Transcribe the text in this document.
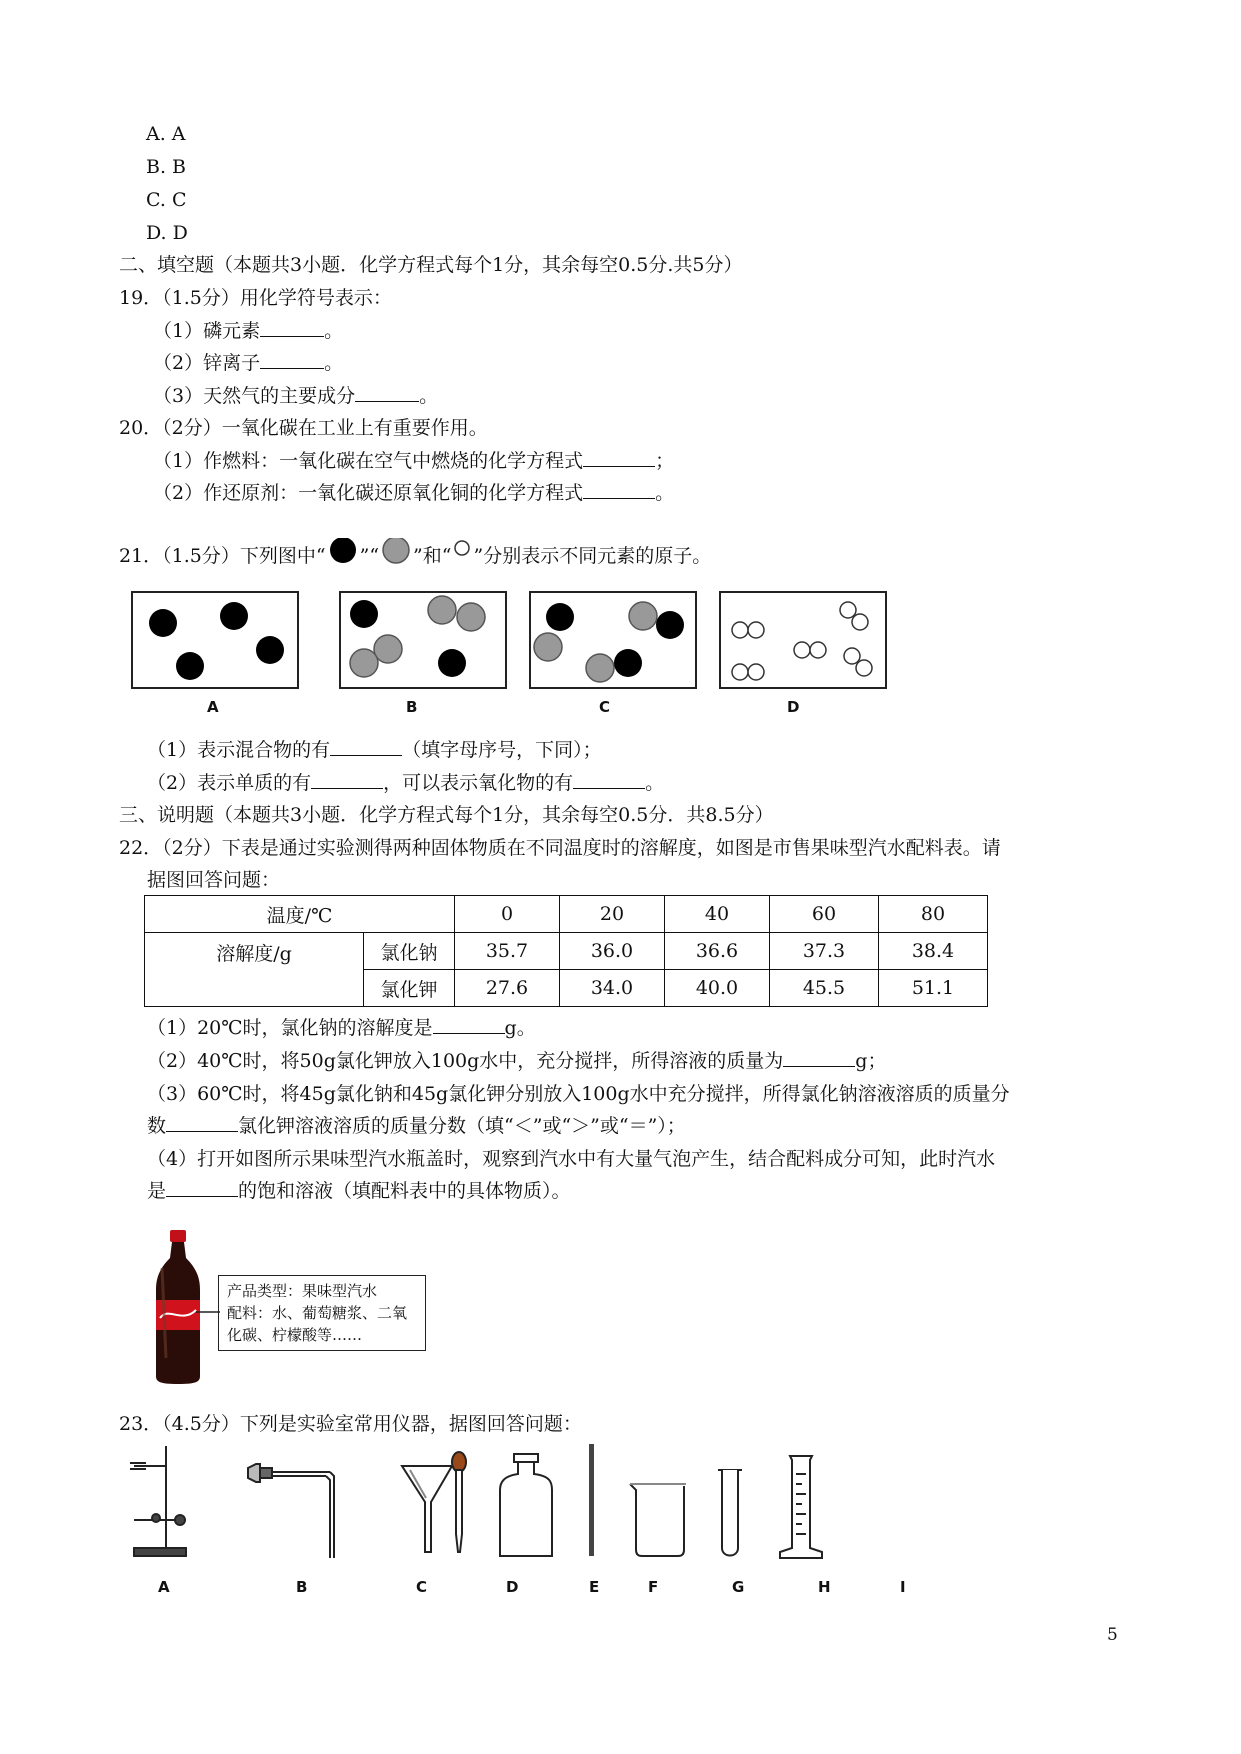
A. A
B. B
C. C
D. D
二、填空题（本题共3小题．化学方程式每个1分，其余每空0.5分.共5分）
19．（1.5分）用化学符号表示：
（1）磷元素	。
（2）锌离子	。
（3）天然气的主要成分	。
20．（2分）一氧化碳在工业上有重要作用。
（1）作燃料：一氧化碳在空气中燃烧的化学方程式	；
（2）作还原剂：一氧化碳还原氧化铜的化学方程式	。
21．（1.5分）下列图中“ ”“ ”和“ ”分别表示不同元素的原子。
A	B	C	D
（1）表示混合物的有	（填字母序号，下同）；
（2）表示单质的有	，可以表示氧化物的有	。
三、说明题（本题共3小题．化学方程式每个1分，其余每空0.5分．共8.5分）
22．（2分）下表是通过实验测得两种固体物质在不同温度时的溶解度，如图是市售果味型汽水配料表。请
据图回答问题：
温度/℃		0	20	40	60	80
溶解度/g	氯化钠	35.7	36.0	36.6	37.3	38.4
	氯化钾	27.6	34.0	40.0	45.5	51.1
（1）20℃时，氯化钠的溶解度是	g。
（2）40℃时，将50g氯化钾放入100g水中，充分搅拌，所得溶液的质量为	g；
（3）60℃时，将45g氯化钠和45g氯化钾分别放入100g水中充分搅拌，所得氯化钠溶液溶质的质量分
数	氯化钾溶液溶质的质量分数（填“＜”或“＞”或“＝”）；
（4）打开如图所示果味型汽水瓶盖时，观察到汽水中有大量气泡产生，结合配料成分可知，此时汽水
是	的饱和溶液（填配料表中的具体物质）。
产品类型：果味型汽水
配料：水、葡萄糖浆、二氧化碳、柠檬酸等……
23．（4.5分）下列是实验室常用仪器，据图回答问题：
A	B	C	D	E	F	G	H	I
5
